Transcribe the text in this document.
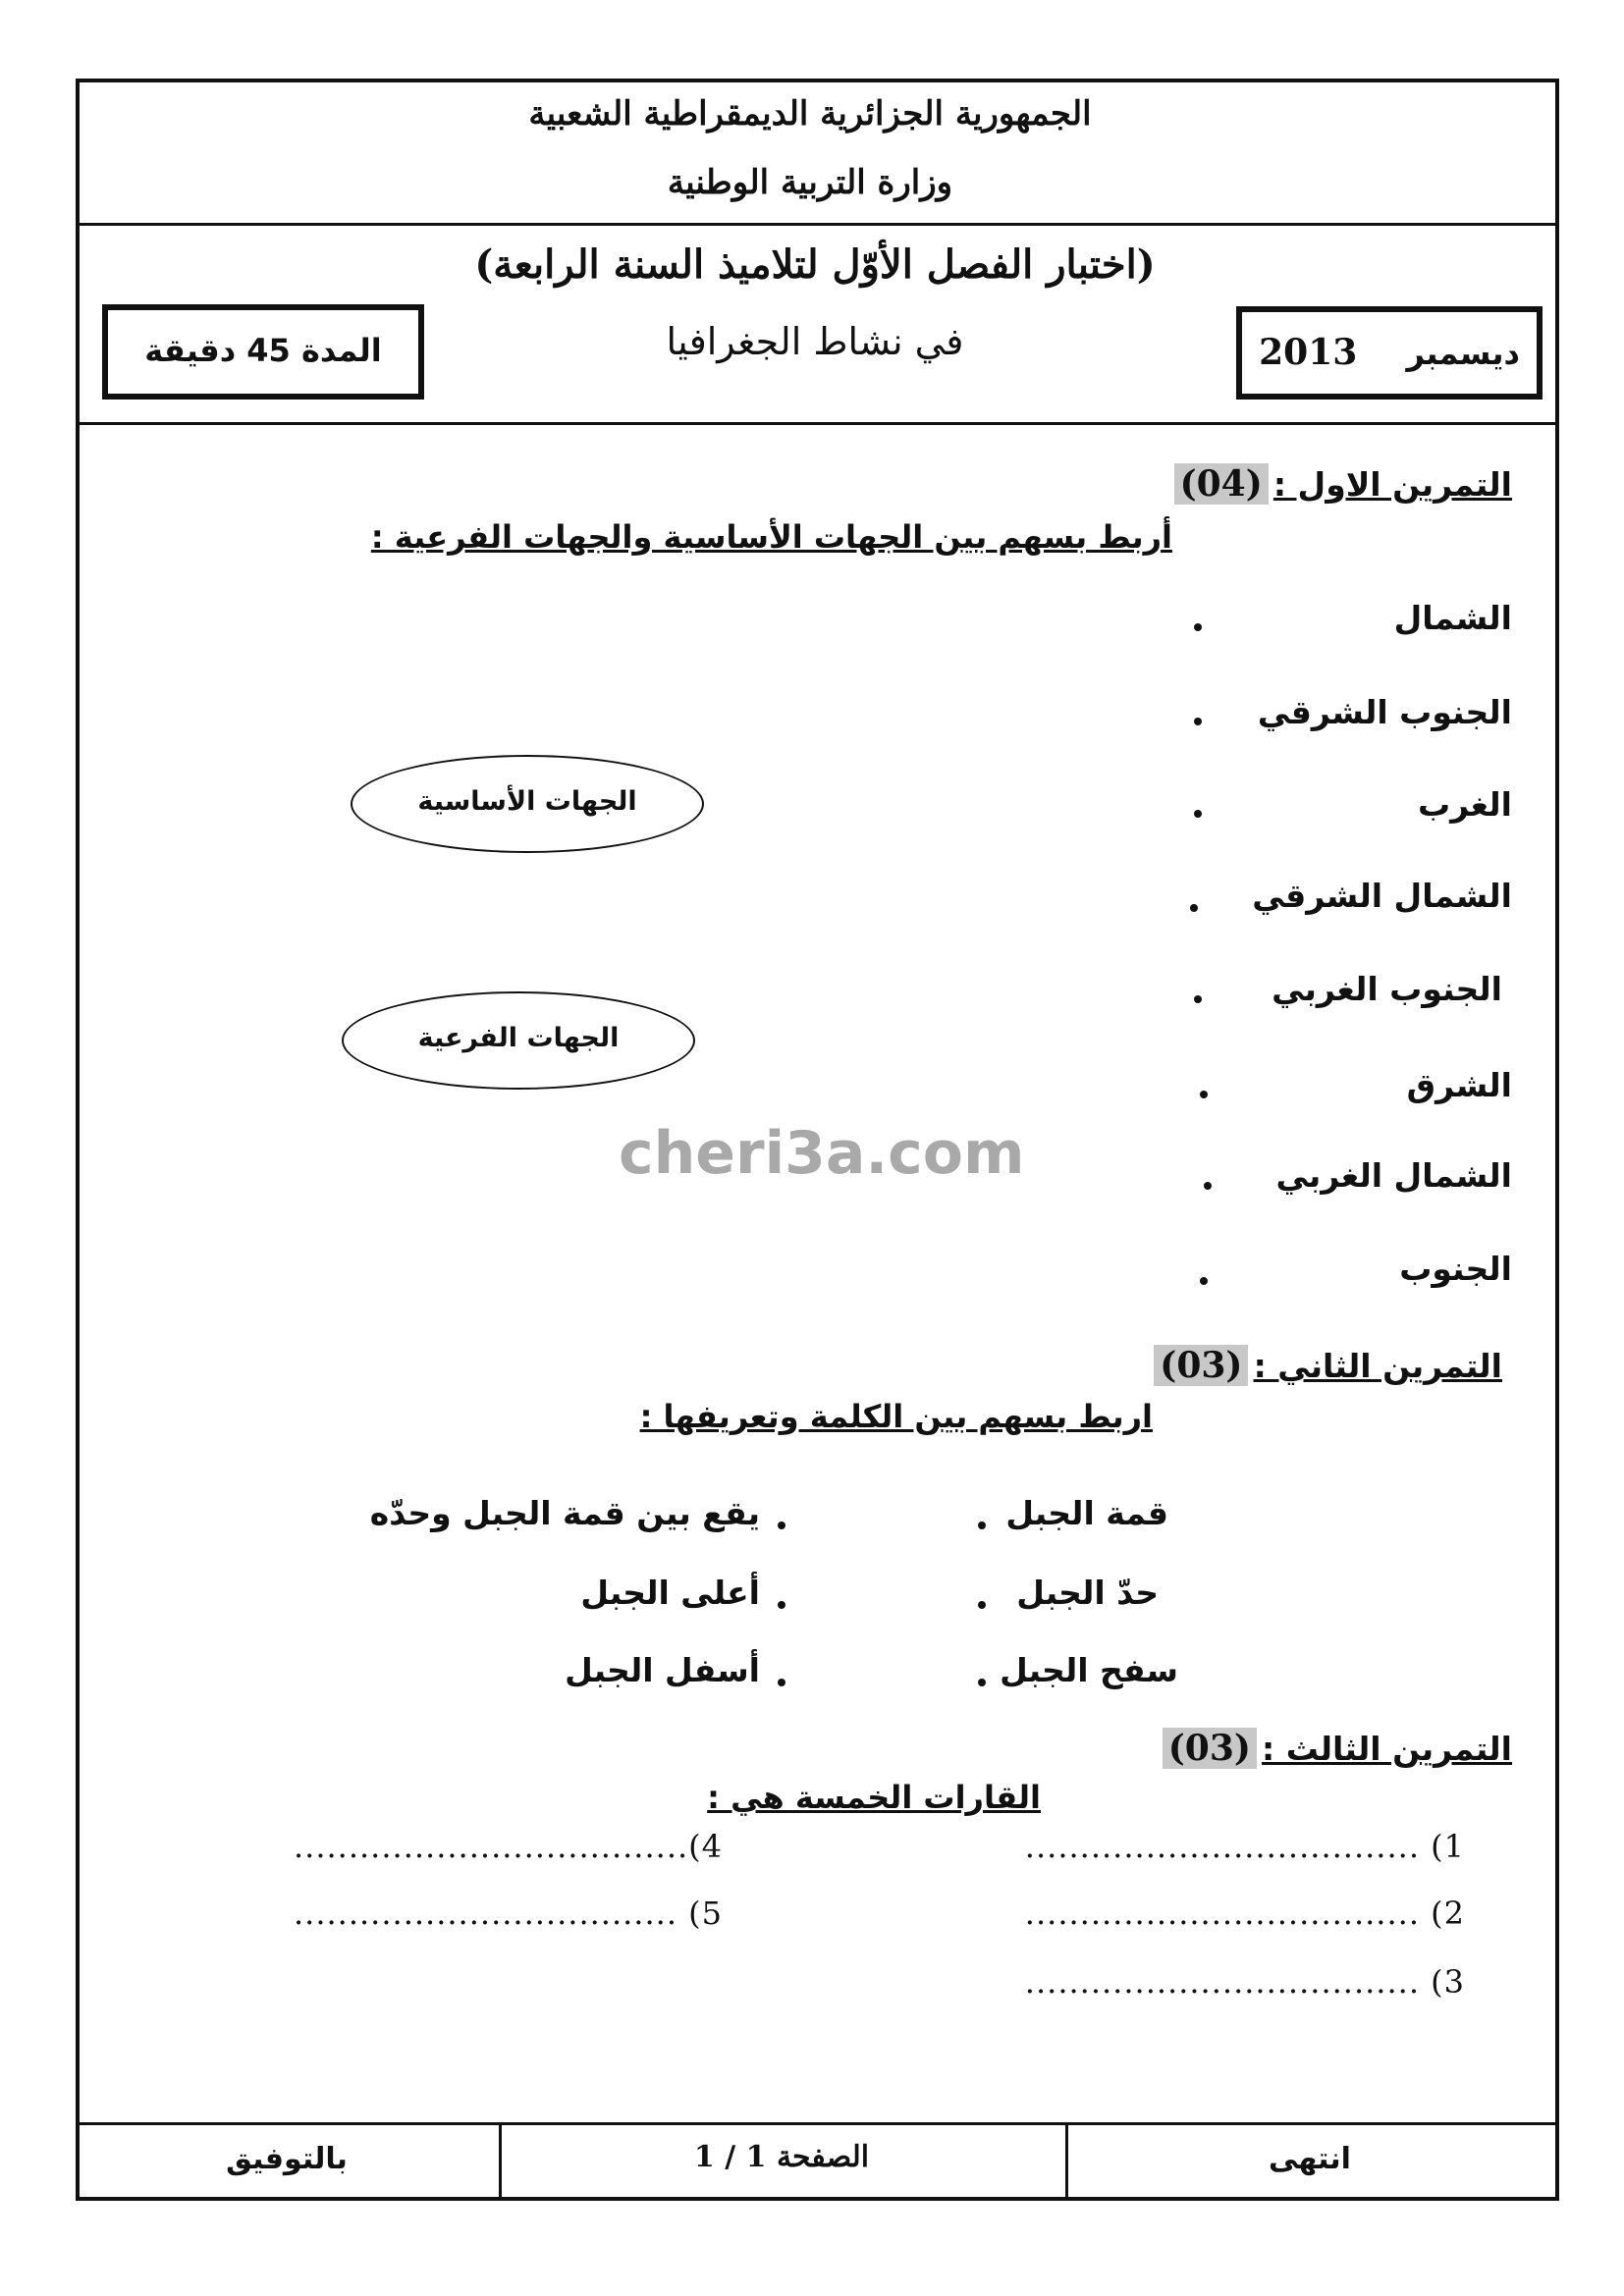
الجمهورية الجزائرية الديمقراطية الشعبية
وزارة التربية الوطنية
(اختبار الفصل الأوّل لتلاميذ السنة الرابعة)
في نشاط الجغرافيا	ديسمبر    2013
المدة 45 دقيقة
التمرين الاول : (04)
أربط بسهم بين الجهات الأساسية والجهات الفرعية :
الشمال
الجنوب الشرقي
الغرب
الشمال الشرقي
الجنوب الغربي
الشرق
الشمال الغربي
الجنوب
الجهات الأساسية
الجهات الفرعية
cheri3a.com
التمرين الثاني : (03)
اربط بسهم بين الكلمة وتعريفها :
قمة الجبل
حدّ الجبل
سفح الجبل
يقع بين قمة الجبل وحدّه
أعلى الجبل
أسفل الجبل
التمرين الثالث : (03)
القارات الخمسة هي :
1) ....................................
2) ....................................
3) ....................................
4)....................................
5) ...................................
انتهى
الصفحة 1 / 1
بالتوفيق
